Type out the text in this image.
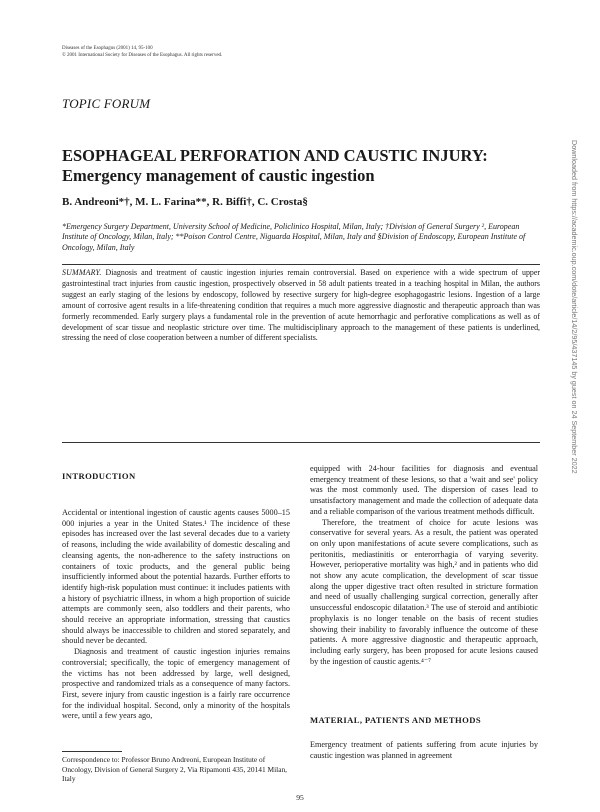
Diseases of the Esophagus (2001) 14, 95-100
© 2001 International Society for Diseases of the Esophagus. All rights reserved.
TOPIC FORUM
ESOPHAGEAL PERFORATION AND CAUSTIC INJURY:
Emergency management of caustic ingestion
B. Andreoni*†, M. L. Farina**, R. Biffi†, C. Crosta§
*Emergency Surgery Department, University School of Medicine, Policlinico Hospital, Milan, Italy; †Division of General Surgery ², European Institute of Oncology, Milan, Italy; **Poison Control Centre, Niguarda Hospital, Milan, Italy and §Division of Endoscopy, European Institute of Oncology, Milan, Italy
SUMMARY. Diagnosis and treatment of caustic ingestion injuries remain controversial. Based on experience with a wide spectrum of upper gastrointestinal tract injuries from caustic ingestion, prospectively observed in 58 adult patients treated in a teaching hospital in Milan, the authors suggest an early staging of the lesions by endoscopy, followed by resective surgery for high-degree esophagogastric lesions. Ingestion of a large amount of corrosive agent results in a life-threatening condition that requires a much more aggressive diagnostic and therapeutic approach than was formerly recommended. Early surgery plays a fundamental role in the prevention of acute hemorrhagic and perforative complications as well as of development of scar tissue and neoplastic stricture over time. The multidisciplinary approach to the management of these patients is underlined, stressing the need of close cooperation between a number of different specialists.	Downloaded from https://academic.oup.com/dote/article/14/2/95/437145 by guest on 24 September 2022
INTRODUCTION

Accidental or intentional ingestion of caustic agents causes 5000–15 000 injuries a year in the United States.¹ The incidence of these episodes has increased over the last several decades due to a variety of reasons, including the wide availability of domestic descaling and cleansing agents, the non-adherence to the safety instructions on containers of toxic products, and the general public being insufficiently informed about the potential hazards. Further efforts to identify high-risk population must continue: it includes patients with a history of psychiatric illness, in whom a high proportion of suicide attempts are commonly seen, also toddlers and their parents, who should receive an appropriate information, stressing that caustics should always be inaccessible to children and stored separately, and should never be decanted.

Diagnosis and treatment of caustic ingestion injuries remains controversial; specifically, the topic of emergency management of the victims has not been addressed by large, well designed, prospective and randomized trials as a consequence of many factors. First, severe injury from caustic ingestion is a fairly rare occurrence for the individual hospital. Second, only a minority of the hospitals were, until a few years ago,

equipped with 24-hour facilities for diagnosis and eventual emergency treatment of these lesions, so that a 'wait and see' policy was the most commonly used. The dispersion of cases lead to unsatisfactory management and made the collection of adequate data and a reliable comparison of the various treatment methods difficult.

Therefore, the treatment of choice for acute lesions was conservative for several years. As a result, the patient was operated on only upon manifestations of acute severe complications, such as peritonitis, mediastinitis or enterorrhagia of varying severity. However, perioperative mortality was high,² and in patients who did not show any acute complication, the development of scar tissue along the upper digestive tract often resulted in stricture formation and need of usually challenging surgical correction, generally after unsuccessful endoscopic dilatation.³ The use of steroid and antibiotic prophylaxis is no longer tenable on the basis of recent studies showing their inability to favorably influence the outcome of these patients. A more aggressive diagnostic and therapeutic approach, including early surgery, has been proposed for acute lesions caused by the ingestion of caustic agents.⁴⁻⁷

MATERIAL, PATIENTS AND METHODS

Emergency treatment of patients suffering from acute injuries by caustic ingestion was planned in agreement

Correspondence to: Professor Bruno Andreoni, European Institute of Oncology, Division of General Surgery 2, Via Ripamonti 435, 20141 Milan, Italy
95
